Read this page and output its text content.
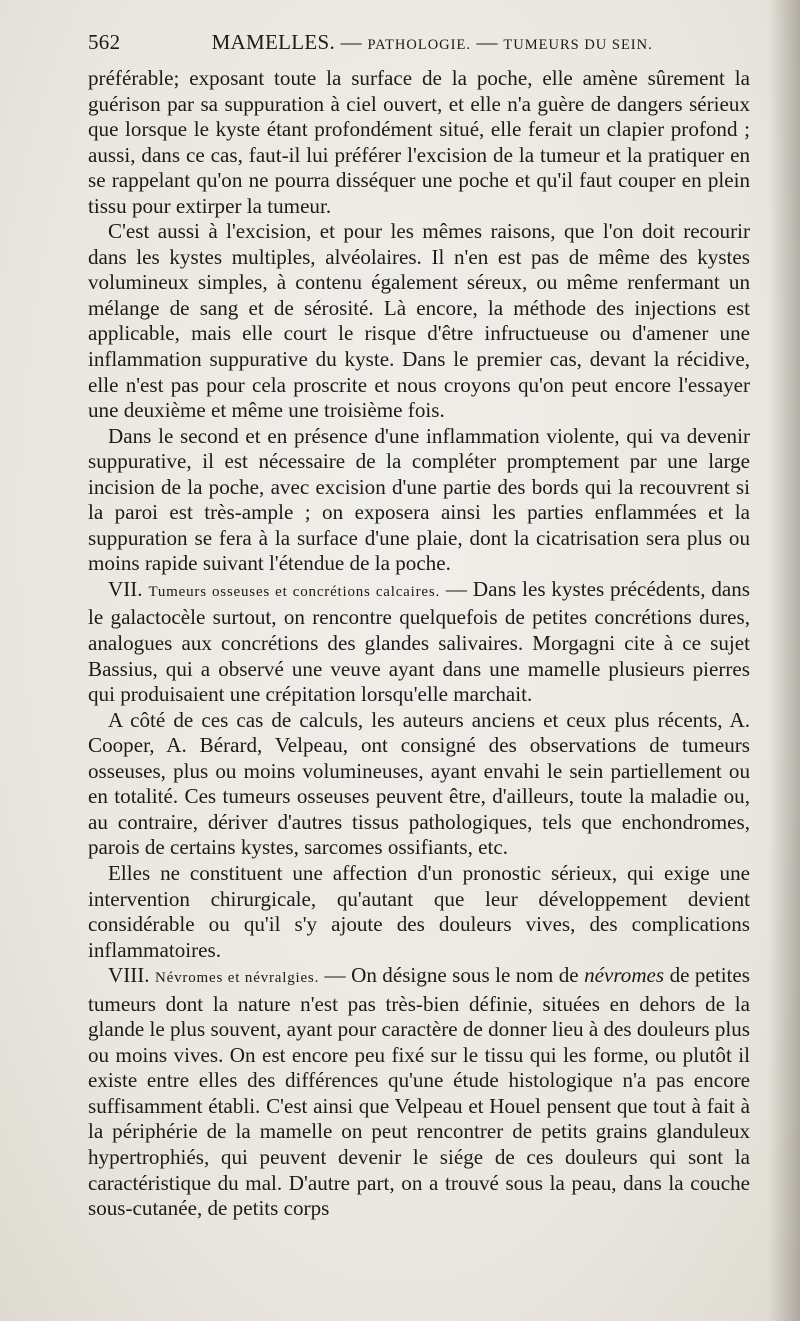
562	MAMELLES. — PATHOLOGIE. — TUMEURS DU SEIN.

préférable; exposant toute la surface de la poche, elle amène sûrement la guérison par sa suppuration à ciel ouvert, et elle n'a guère de dangers sérieux que lorsque le kyste étant profondément situé, elle ferait un clapier profond ; aussi, dans ce cas, faut-il lui préférer l'excision de la tumeur et la pratiquer en se rappelant qu'on ne pourra disséquer une poche et qu'il faut couper en plein tissu pour extirper la tumeur.

C'est aussi à l'excision, et pour les mêmes raisons, que l'on doit recourir dans les kystes multiples, alvéolaires. Il n'en est pas de même des kystes volumineux simples, à contenu également séreux, ou même renfermant un mélange de sang et de sérosité. Là encore, la méthode des injections est applicable, mais elle court le risque d'être infructueuse ou d'amener une inflammation suppurative du kyste. Dans le premier cas, devant la récidive, elle n'est pas pour cela proscrite et nous croyons qu'on peut encore l'essayer une deuxième et même une troisième fois.

Dans le second et en présence d'une inflammation violente, qui va devenir suppurative, il est nécessaire de la compléter promptement par une large incision de la poche, avec excision d'une partie des bords qui la recouvrent si la paroi est très-ample ; on exposera ainsi les parties enflammées et la suppuration se fera à la surface d'une plaie, dont la cicatrisation sera plus ou moins rapide suivant l'étendue de la poche.

VII. Tumeurs osseuses et concrétions calcaires. — Dans les kystes précédents, dans le galactocèle surtout, on rencontre quelquefois de petites concrétions dures, analogues aux concrétions des glandes salivaires. Morgagni cite à ce sujet Bassius, qui a observé une veuve ayant dans une mamelle plusieurs pierres qui produisaient une crépitation lorsqu'elle marchait.

A côté de ces cas de calculs, les auteurs anciens et ceux plus récents, A. Cooper, A. Bérard, Velpeau, ont consigné des observations de tumeurs osseuses, plus ou moins volumineuses, ayant envahi le sein partiellement ou en totalité. Ces tumeurs osseuses peuvent être, d'ailleurs, toute la maladie ou, au contraire, dériver d'autres tissus pathologiques, tels que enchondromes, parois de certains kystes, sarcomes ossifiants, etc.

Elles ne constituent une affection d'un pronostic sérieux, qui exige une intervention chirurgicale, qu'autant que leur développement devient considérable ou qu'il s'y ajoute des douleurs vives, des complications inflammatoires.

VIII. Névromes et névralgies. — On désigne sous le nom de névromes de petites tumeurs dont la nature n'est pas très-bien définie, situées en dehors de la glande le plus souvent, ayant pour caractère de donner lieu à des douleurs plus ou moins vives. On est encore peu fixé sur le tissu qui les forme, ou plutôt il existe entre elles des différences qu'une étude histologique n'a pas encore suffisamment établi. C'est ainsi que Velpeau et Houel pensent que tout à fait à la périphérie de la mamelle on peut rencontrer de petits grains glanduleux hypertrophiés, qui peuvent devenir le siége de ces douleurs qui sont la caractéristique du mal. D'autre part, on a trouvé sous la peau, dans la couche sous-cutanée, de petits corps
